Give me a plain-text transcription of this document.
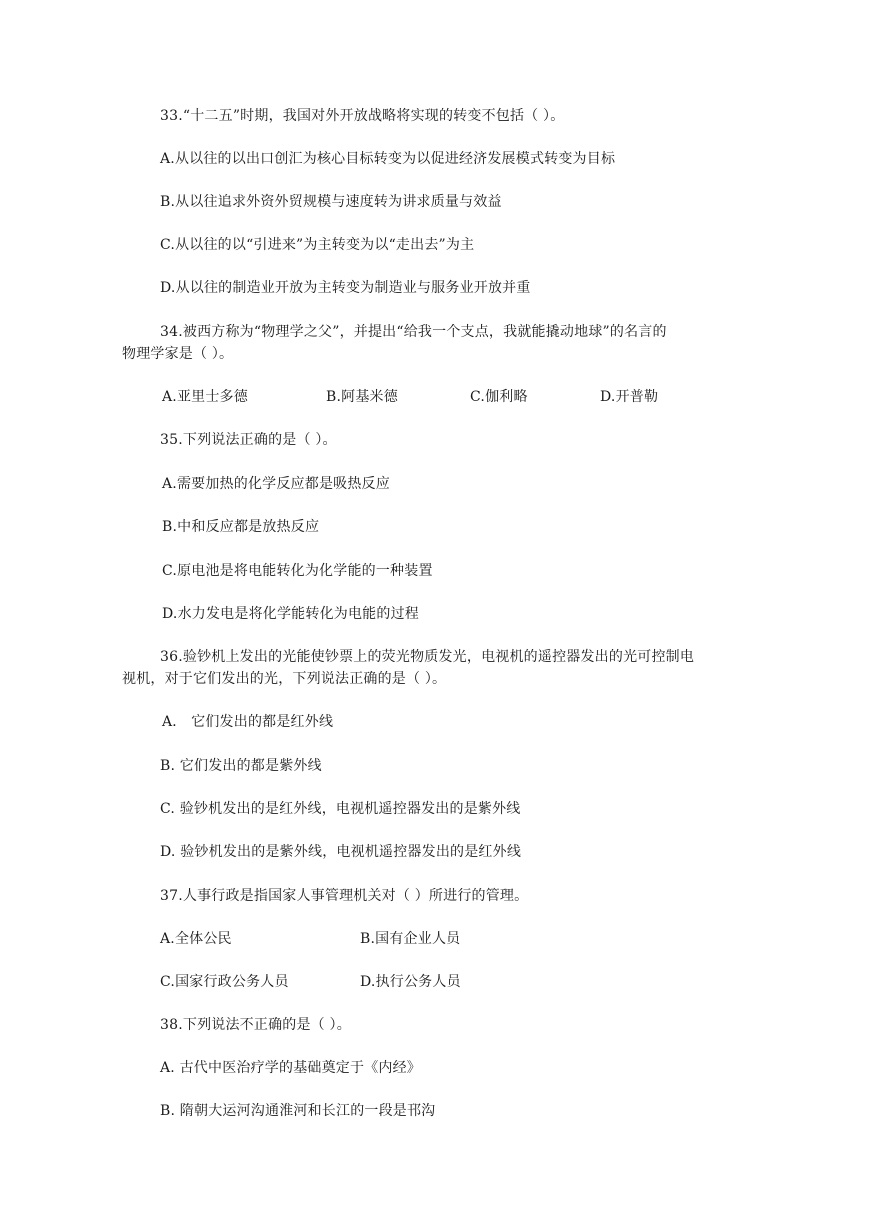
33.“十二五”时期，我国对外开放战略将实现的转变不包括（ ）。
A.从以往的以出口创汇为核心目标转变为以促进经济发展模式转变为目标
B.从以往追求外资外贸规模与速度转为讲求质量与效益
C.从以往的以“引进来”为主转变为以“走出去”为主
D.从以往的制造业开放为主转变为制造业与服务业开放并重
34.被西方称为“物理学之父”，并提出“给我一个支点，我就能撬动地球”的名言的
物理学家是（ ）。
A.亚里士多德	B.阿基米德	C.伽利略	D.开普勒
35.下列说法正确的是（ ）。
A.需要加热的化学反应都是吸热反应
B.中和反应都是放热反应
C.原电池是将电能转化为化学能的一种装置
D.水力发电是将化学能转化为电能的过程
36.验钞机上发出的光能使钞票上的荧光物质发光，电视机的遥控器发出的光可控制电
视机，对于它们发出的光，下列说法正确的是（ ）。
A． 它们发出的都是红外线
B. 它们发出的都是紫外线
C. 验钞机发出的是红外线，电视机遥控器发出的是紫外线
D. 验钞机发出的是紫外线，电视机遥控器发出的是红外线
37.人事行政是指国家人事管理机关对（ ）所进行的管理。
A.全体公民	B.国有企业人员
C.国家行政公务人员	D.执行公务人员
38.下列说法不正确的是（ ）。
A. 古代中医治疗学的基础奠定于《内经》
B. 隋朝大运河沟通淮河和长江的一段是邗沟
